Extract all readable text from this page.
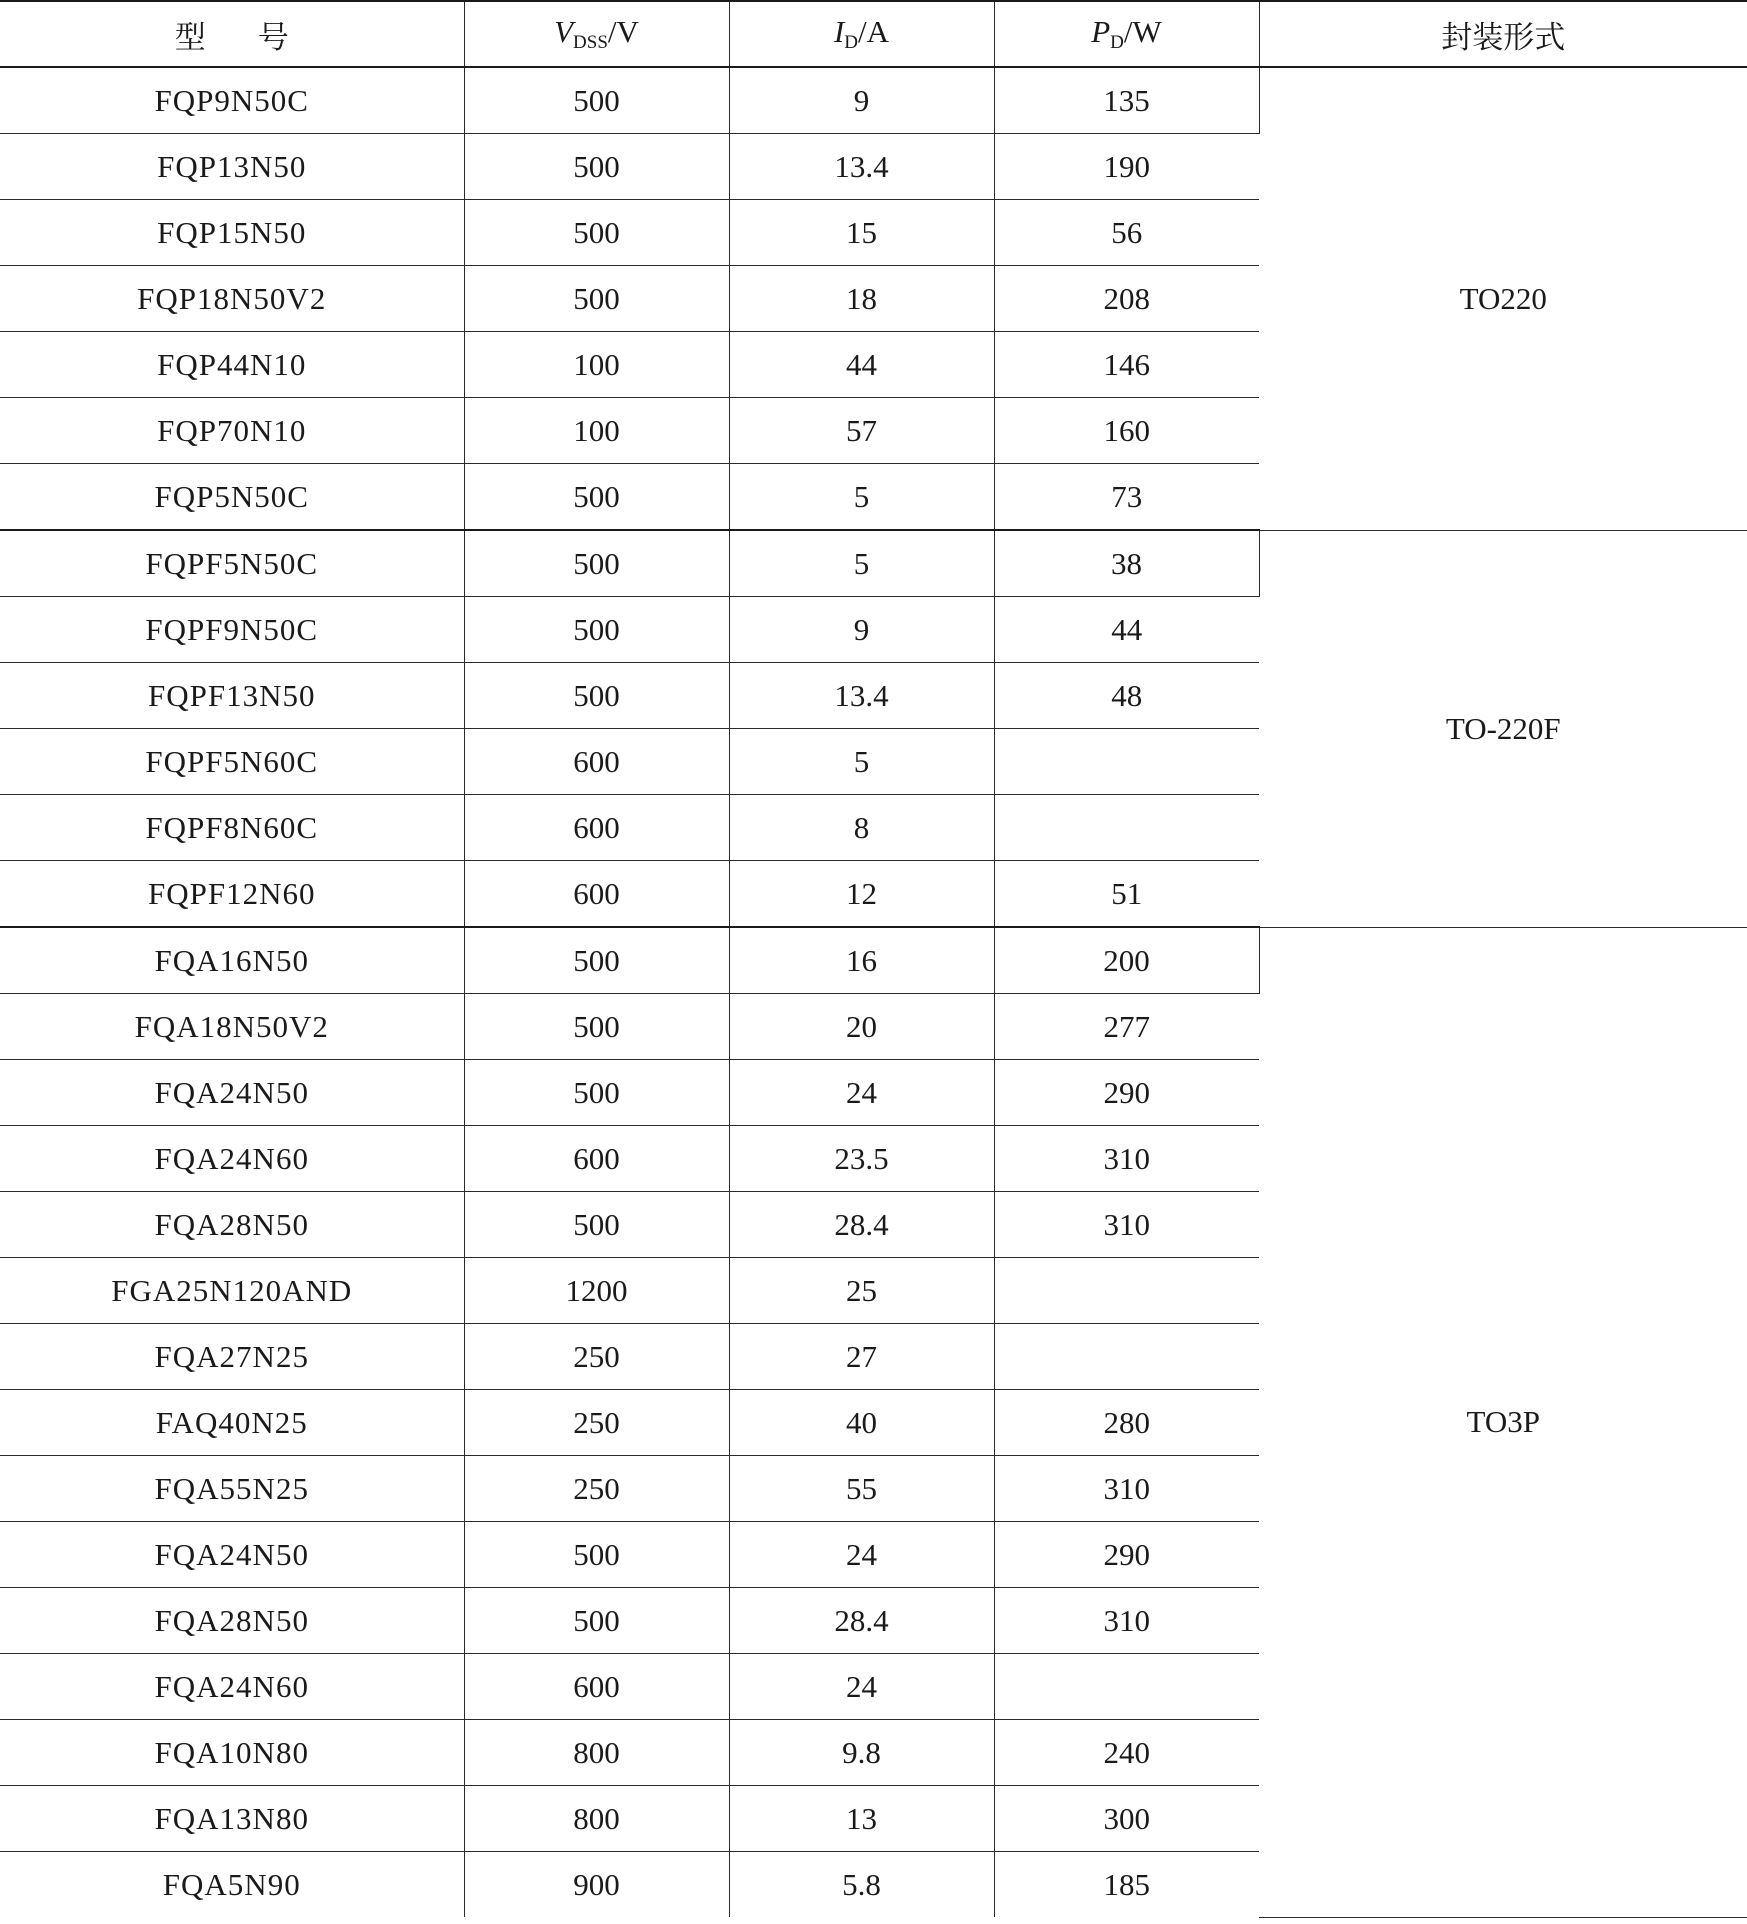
型号	$V_{DSS}/V$	$I_D/A$	$P_D/W$	封装形式
FQP9N50C	500	9	135	TO220
FQP13N50	500	13.4	190	
FQP15N50	500	15	56	
FQP18N50V2	500	18	208	
FQP44N10	100	44	146	
FQP70N10	100	57	160	
FQP5N50C	500	5	73	
FQPF5N50C	500	5	38	TO-220F
FQPF9N50C	500	9	44	
FQPF13N50	500	13.4	48	
FQPF5N60C	600	5		
FQPF8N60C	600	8		
FQPF12N60	600	12	51	
FQA16N50	500	16	200	TO3P
FQA18N50V2	500	20	277	
FQA24N50	500	24	290	
FQA24N60	600	23.5	310	
FQA28N50	500	28.4	310	
FGA25N120AND	1200	25		
FQA27N25	250	27		
FAQ40N25	250	40	280	
FQA55N25	250	55	310	
FQA24N50	500	24	290	
FQA28N50	500	28.4	310	
FQA24N60	600	24		
FQA10N80	800	9.8	240	
FQA13N80	800	13	300	
FQA5N90	900	5.8	185	
